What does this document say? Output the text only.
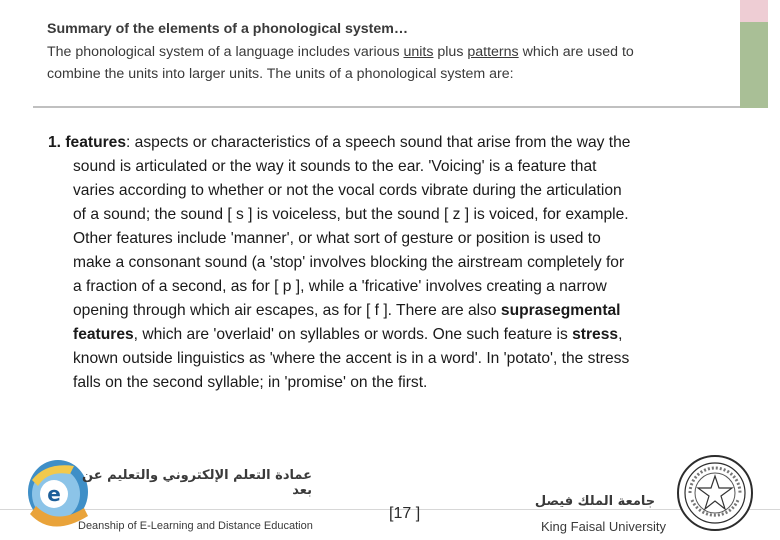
Summary of the elements of a phonological system…
The phonological system of a language includes various units plus patterns which are used to
combine the units into larger units. The units of a phonological system are:
1. features: aspects or characteristics of a speech sound that arise from the way the
sound is articulated or the way it sounds to the ear. 'Voicing' is a feature that
varies according to whether or not the vocal cords vibrate during the articulation
of a sound; the sound [ s ] is voiceless, but the sound [ z ] is voiced, for example.
Other features include 'manner', or what sort of gesture or position is used to
make a consonant sound (a 'stop' involves blocking the airstream completely for
a fraction of a second, as for [ p ], while a 'fricative' involves creating a narrow
opening through which air escapes, as for [ f ]. There are also suprasegmental
features, which are 'overlaid' on syllables or words. One such feature is stress,
known outside linguistics as 'where the accent is in a word'. In 'potato', the stress
falls on the second syllable; in 'promise' on the first.
e
عمادة التعلم الإلكتروني والتعليم عن بعد
Deanship of E-Learning and Distance Education
[17 ]
جامعة الملك فيصل
King Faisal University
